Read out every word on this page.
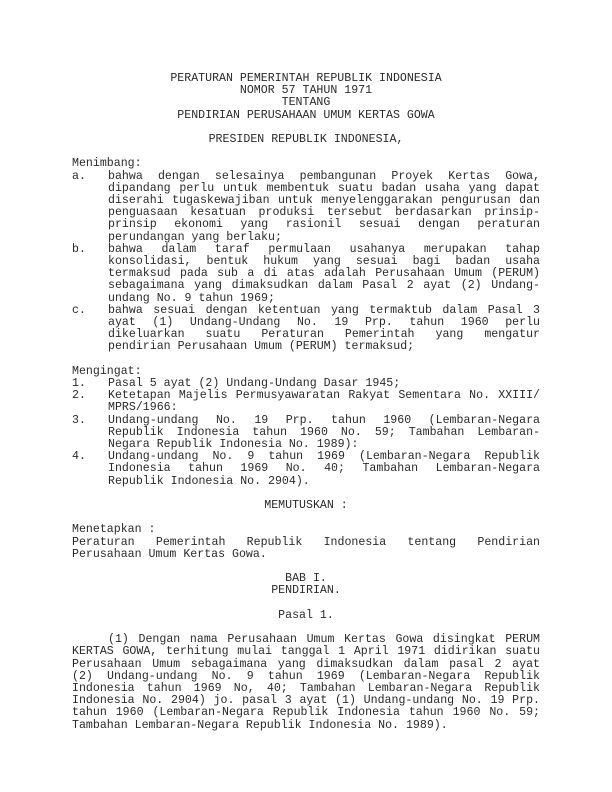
PERATURAN PEMERINTAH REPUBLIK INDONESIA
NOMOR 57 TAHUN 1971
TENTANG
PENDIRIAN PERUSAHAAN UMUM KERTAS GOWA
PRESIDEN REPUBLIK INDONESIA,
Menimbang:
a. bahwa dengan selesainya pembangunan Proyek Kertas Gowa,
dipandang perlu untuk membentuk suatu badan usaha yang dapat
diserahi tugaskewajiban untuk menyelenggarakan pengurusan dan
penguasaan kesatuan produksi tersebut berdasarkan prinsip-
prinsip ekonomi yang rasionil sesuai dengan peraturan
perundangan yang berlaku;
b. bahwa dalam taraf permulaan usahanya merupakan tahap
konsolidasi, bentuk hukum yang sesuai bagi badan usaha
termaksud pada sub a di atas adalah Perusahaan Umum (PERUM)
sebagaimana yang dimaksudkan dalam Pasal 2 ayat (2) Undang-
undang No. 9 tahun 1969;
c. bahwa sesuai dengan ketentuan yang termaktub dalam Pasal 3
ayat (1) Undang-Undang No. 19 Prp. tahun 1960 perlu
dikeluarkan suatu Peraturan Pemerintah yang mengatur
pendirian Perusahaan Umum (PERUM) termaksud;
Mengingat:
1. Pasal 5 ayat (2) Undang-Undang Dasar 1945;
2. Ketetapan Majelis Permusyawaratan Rakyat Sementara No. XXIII/
MPRS/1966:
3. Undang-undang No. 19 Prp. tahun 1960 (Lembaran-Negara
Republik Indonesia tahun 1960 No. 59; Tambahan Lembaran-
Negara Republik Indonesia No. 1989):
4. Undang-undang No. 9 tahun 1969 (Lembaran-Negara Republik
Indonesia tahun 1969 No. 40; Tambahan Lembaran-Negara
Republik Indonesia No. 2904).
MEMUTUSKAN :
Menetapkan :
Peraturan Pemerintah Republik Indonesia tentang Pendirian
Perusahaan Umum Kertas Gowa.
BAB I.
PENDIRIAN.
Pasal 1.
(1) Dengan nama Perusahaan Umum Kertas Gowa disingkat PERUM
KERTAS GOWA, terhitung mulai tanggal 1 April 1971 didirikan suatu
Perusahaan Umum sebagaimana yang dimaksudkan dalam pasal 2 ayat
(2) Undang-undang No. 9 tahun 1969 (Lembaran-Negara Republik
Indonesia tahun 1969 No, 40; Tambahan Lembaran-Negara Republik
Indonesia No. 2904) jo. pasal 3 ayat (1) Undang-undang No. 19 Prp.
tahun 1960 (Lembaran-Negara Republik Indonesia tahun 1960 No. 59;
Tambahan Lembaran-Negara Republik Indonesia No. 1989).
